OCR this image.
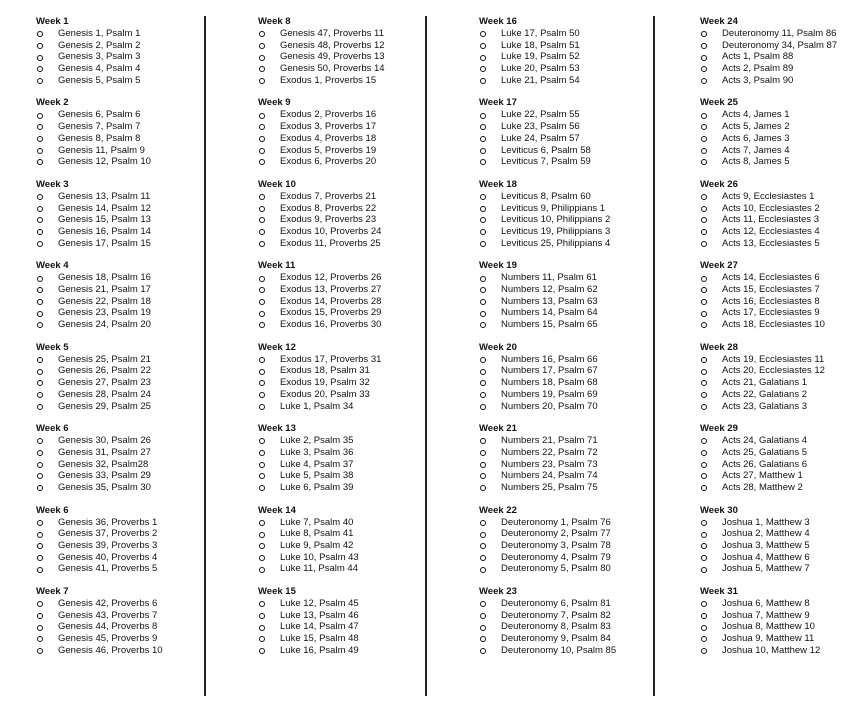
Week 1
Genesis 1, Psalm 1
Genesis 2, Psalm 2
Genesis 3, Psalm 3
Genesis 4, Psalm 4
Genesis 5, Psalm 5
Week 2
Genesis 6, Psalm 6
Genesis 7, Psalm 7
Genesis 8, Psalm 8
Genesis 11, Psalm 9
Genesis 12, Psalm 10
Week 3
Genesis 13, Psalm 11
Genesis 14, Psalm 12
Genesis 15, Psalm 13
Genesis 16, Psalm 14
Genesis 17, Psalm 15
Week 4
Genesis 18, Psalm 16
Genesis 21, Psalm 17
Genesis 22, Psalm 18
Genesis 23, Psalm 19
Genesis 24, Psalm 20
Week 5
Genesis 25, Psalm 21
Genesis 26, Psalm 22
Genesis 27, Psalm 23
Genesis 28, Psalm 24
Genesis 29, Psalm 25
Week 6
Genesis 30, Psalm 26
Genesis 31, Psalm 27
Genesis 32, Psalm28
Genesis 33, Psalm 29
Genesis 35, Psalm 30
Week 6
Genesis 36, Proverbs 1
Genesis 37, Proverbs 2
Genesis 39, Proverbs 3
Genesis 40, Proverbs 4
Genesis 41, Proverbs 5
Week 7
Genesis 42, Proverbs 6
Genesis 43, Proverbs 7
Genesis 44, Proverbs 8
Genesis 45, Proverbs 9
Genesis 46, Proverbs 10
Week 8
Genesis 47, Proverbs 11
Genesis 48, Proverbs 12
Genesis 49, Proverbs 13
Genesis 50, Proverbs 14
Exodus 1, Proverbs 15
Week 9
Exodus 2, Proverbs 16
Exodus 3, Proverbs 17
Exodus 4, Proverbs 18
Exodus 5, Proverbs 19
Exodus 6, Proverbs 20
Week 10
Exodus 7, Proverbs 21
Exodus 8, Proverbs 22
Exodus 9, Proverbs 23
Exodus 10, Proverbs 24
Exodus 11, Proverbs 25
Week 11
Exodus 12, Proverbs 26
Exodus 13, Proverbs 27
Exodus 14, Proverbs 28
Exodus 15, Proverbs 29
Exodus 16, Proverbs 30
Week 12
Exodus 17, Proverbs 31
Exodus 18, Psalm 31
Exodus 19, Psalm 32
Exodus 20, Psalm 33
Luke 1, Psalm 34
Week 13
Luke 2, Psalm 35
Luke 3, Psalm 36
Luke 4, Psalm 37
Luke 5, Psalm 38
Luke 6, Psalm 39
Week 14
Luke 7, Psalm 40
Luke 8, Psalm 41
Luke 9, Psalm 42
Luke 10, Psalm 43
Luke 11, Psalm 44
Week 15
Luke 12, Psalm 45
Luke 13, Psalm 46
Luke 14, Psalm 47
Luke 15, Psalm 48
Luke 16, Psalm 49
Week 16
Luke 17, Psalm 50
Luke 18, Psalm 51
Luke 19, Psalm 52
Luke 20, Psalm 53
Luke 21, Psalm 54
Week 17
Luke 22, Psalm 55
Luke 23, Psalm 56
Luke 24, Psalm 57
Leviticus 6, Psalm 58
Leviticus 7, Psalm 59
Week 18
Leviticus 8, Psalm 60
Leviticus 9, Philippians 1
Leviticus 10, Philippians 2
Leviticus 19, Philippians 3
Leviticus 25, Philippians 4
Week 19
Numbers 11, Psalm 61
Numbers 12, Psalm 62
Numbers 13, Psalm 63
Numbers 14, Psalm 64
Numbers 15, Psalm 65
Week 20
Numbers 16, Psalm 66
Numbers 17, Psalm 67
Numbers 18, Psalm 68
Numbers 19, Psalm 69
Numbers 20, Psalm 70
Week 21
Numbers 21, Psalm 71
Numbers 22, Psalm 72
Numbers 23, Psalm 73
Numbers 24, Psalm 74
Numbers 25, Psalm 75
Week 22
Deuteronomy 1, Psalm 76
Deuteronomy 2, Psalm 77
Deuteronomy 3, Psalm 78
Deuteronomy 4, Psalm 79
Deuteronomy 5, Psalm 80
Week 23
Deuteronomy 6, Psalm 81
Deuteronomy 7, Psalm 82
Deuteronomy 8, Psalm 83
Deuteronomy 9, Psalm 84
Deuteronomy 10, Psalm 85
Week 24
Deuteronomy 11, Psalm 86
Deuteronomy 34, Psalm 87
Acts 1, Psalm 88
Acts 2, Psalm 89
Acts 3, Psalm 90
Week 25
Acts 4, James 1
Acts 5, James 2
Acts 6, James 3
Acts 7, James 4
Acts 8, James 5
Week 26
Acts 9, Ecclesiastes 1
Acts 10, Ecclesiastes 2
Acts 11, Ecclesiastes 3
Acts 12, Ecclesiastes 4
Acts 13, Ecclesiastes 5
Week 27
Acts 14, Ecclesiastes 6
Acts 15, Ecclesiastes 7
Acts 16, Ecclesiastes 8
Acts 17, Ecclesiastes 9
Acts 18, Ecclesiastes 10
Week 28
Acts 19, Ecclesiastes 11
Acts 20, Ecclesiastes 12
Acts 21, Galatians 1
Acts 22, Galatians 2
Acts 23, Galatians 3
Week 29
Acts 24, Galatians 4
Acts 25, Galatians 5
Acts 26, Galatians 6
Acts 27, Matthew 1
Acts 28, Matthew 2
Week 30
Joshua 1, Matthew 3
Joshua 2, Matthew 4
Joshua 3, Matthew 5
Joshua 4, Matthew 6
Joshua 5, Matthew 7
Week 31
Joshua 6, Matthew 8
Joshua 7, Matthew 9
Joshua 8, Matthew 10
Joshua 9, Matthew 11
Joshua 10, Matthew 12
